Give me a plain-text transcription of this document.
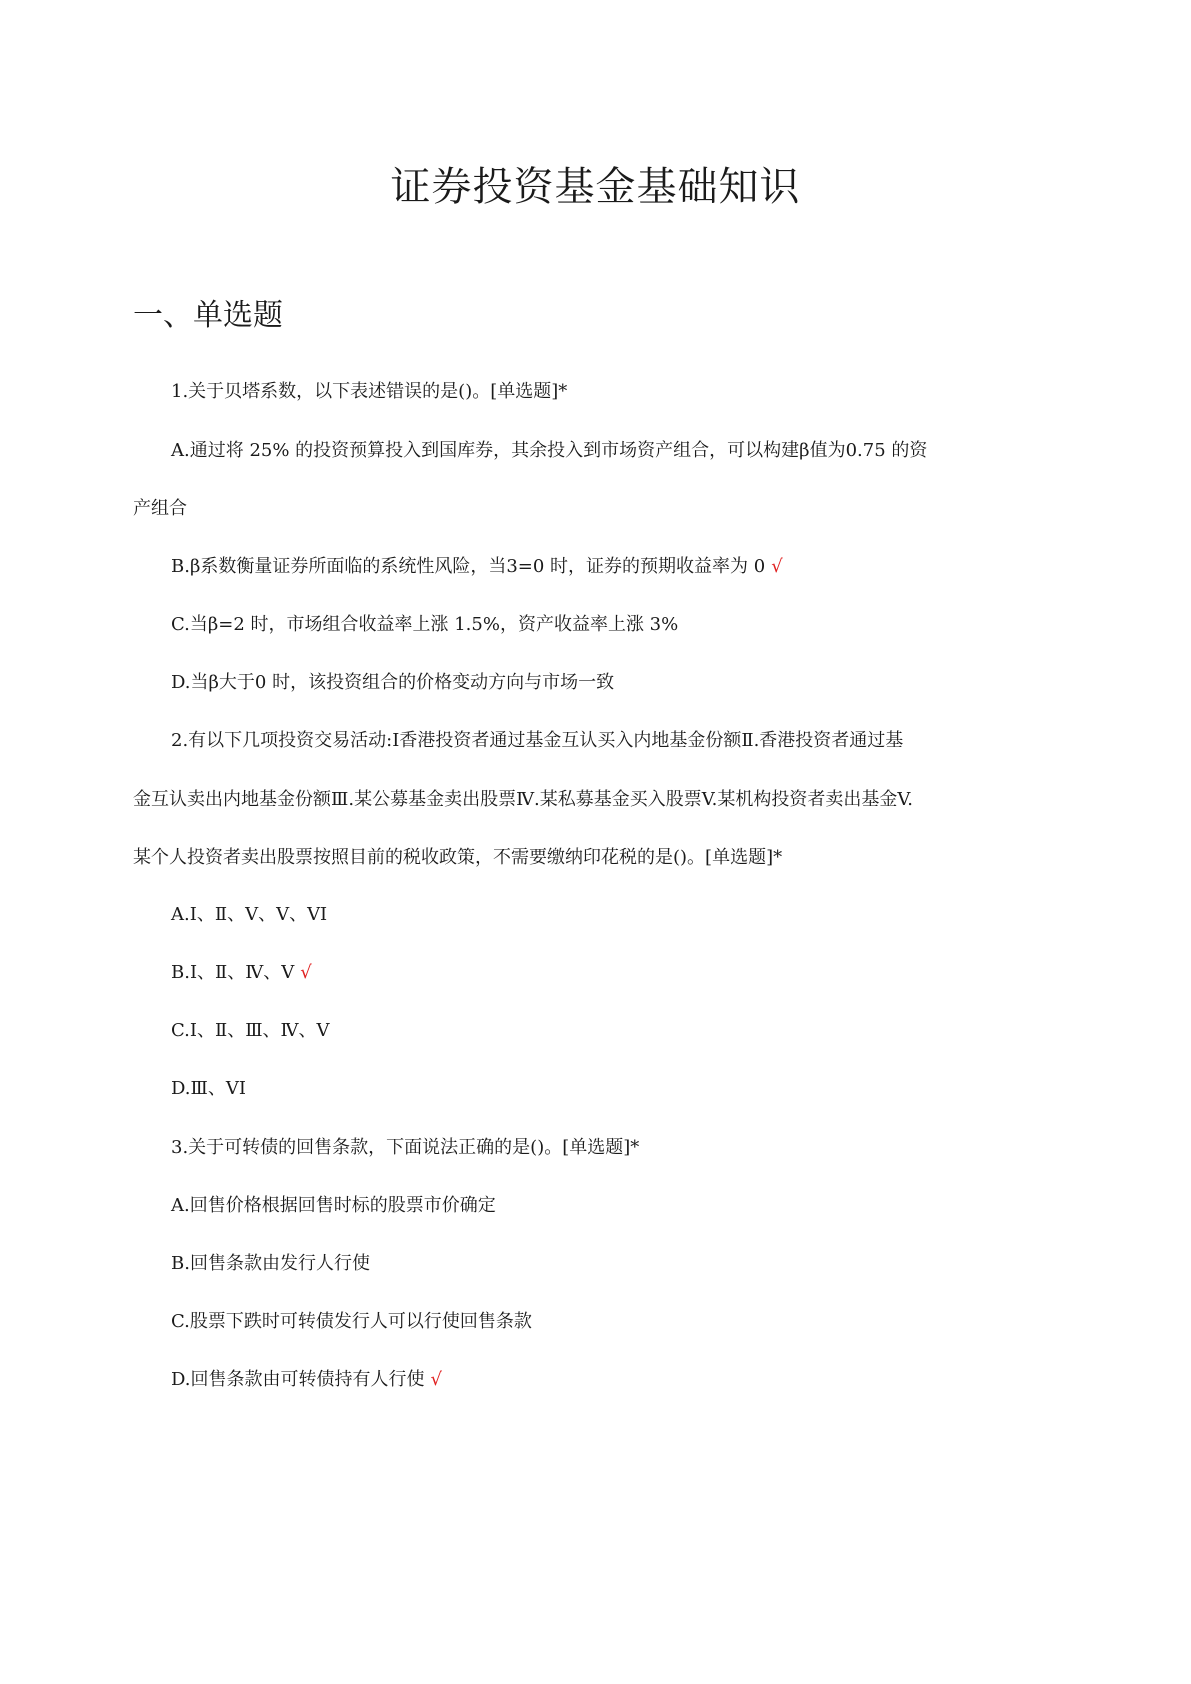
证券投资基金基础知识
一、单选题
1.关于贝塔系数，以下表述错误的是()。[单选题]*
A.通过将 25% 的投资预算投入到国库券，其余投入到市场资产组合，可以构建β值为0.75 的资
产组合
B.β系数衡量证券所面临的系统性风险，当3=0 时，证券的预期收益率为 0 √
C.当β=2 时，市场组合收益率上涨 1.5%，资产收益率上涨 3%
D.当β大于0 时，该投资组合的价格变动方向与市场一致
2.有以下几项投资交易活动:I香港投资者通过基金互认买入内地基金份额Ⅱ.香港投资者通过基
金互认卖出内地基金份额Ⅲ.某公募基金卖出股票Ⅳ.某私募基金买入股票V.某机构投资者卖出基金V.
某个人投资者卖出股票按照目前的税收政策，不需要缴纳印花税的是()。[单选题]*
A.I、Ⅱ、V、V、VI
B.I、Ⅱ、Ⅳ、V √
C.I、Ⅱ、Ⅲ、Ⅳ、V
D.Ⅲ、VI
3.关于可转债的回售条款，下面说法正确的是()。[单选题]*
A.回售价格根据回售时标的股票市价确定
B.回售条款由发行人行使
C.股票下跌时可转债发行人可以行使回售条款
D.回售条款由可转债持有人行使 √
